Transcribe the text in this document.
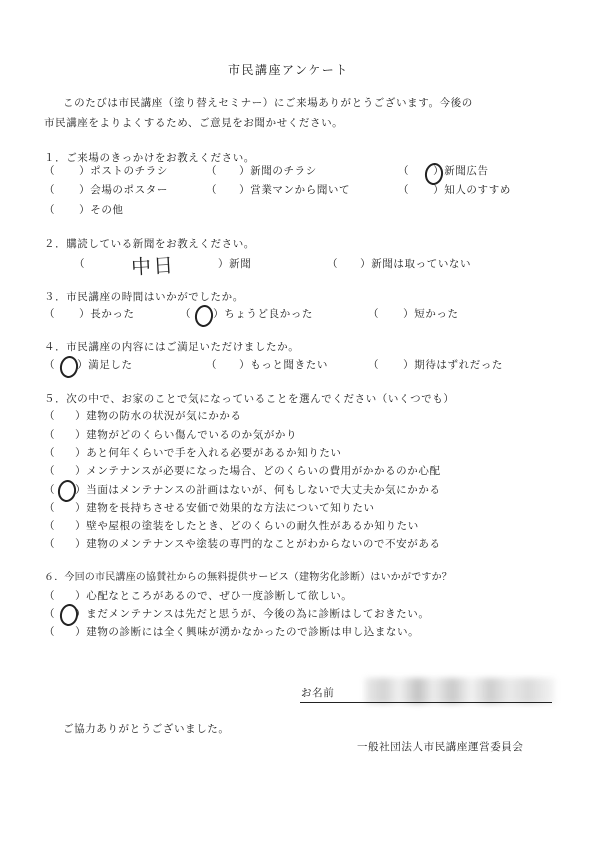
市民講座アンケート
このたびは市民講座（塗り替えセミナー）にご来場ありがとうございます。今後の
市民講座をよりよくするため、ご意見をお聞かせください。
１．ご来場のきっかけをお教えください。
（ ）ポストのチラシ	（ ）新聞のチラシ	（ ）新聞広告
（ ）会場のポスター	（ ）営業マンから聞いて	（ ）知人のすすめ
（ ）その他
２．購読している新聞をお教えください。
（ 中日	）新聞	（ ）新聞は取っていない
３．市民講座の時間はいかがでしたか。
（ ）長かった	（ ）ちょうど良かった	（ ）短かった
４．市民講座の内容にはご満足いただけましたか。
（ ）満足した	（ ）もっと聞きたい	（ ）期待はずれだった
５．次の中で、お家のことで気になっていることを選んでください（いくつでも）
（ ）建物の防水の状況が気にかかる
（ ）建物がどのくらい傷んでいるのか気がかり
（ ）あと何年くらいで手を入れる必要があるか知りたい
（ ）メンテナンスが必要になった場合、どのくらいの費用がかかるのか心配
（ ）当面はメンテナンスの計画はないが、何もしないで大丈夫か気にかかる
（ ）建物を長持ちさせる安価で効果的な方法について知りたい
（ ）壁や屋根の塗装をしたとき、どのくらいの耐久性があるか知りたい
（ ）建物のメンテナンスや塗装の専門的なことがわからないので不安がある
６．今回の市民講座の協賛社からの無料提供サービス（建物劣化診断）はいかがですか？
（ ）心配なところがあるので、ぜひ一度診断して欲しい。
（ ）まだメンテナンスは先だと思うが、今後の為に診断はしておきたい。
（ ）建物の診断には全く興味が湧かなかったので診断は申し込まない。
お名前
ご協力ありがとうございました。
一般社団法人市民講座運営委員会
